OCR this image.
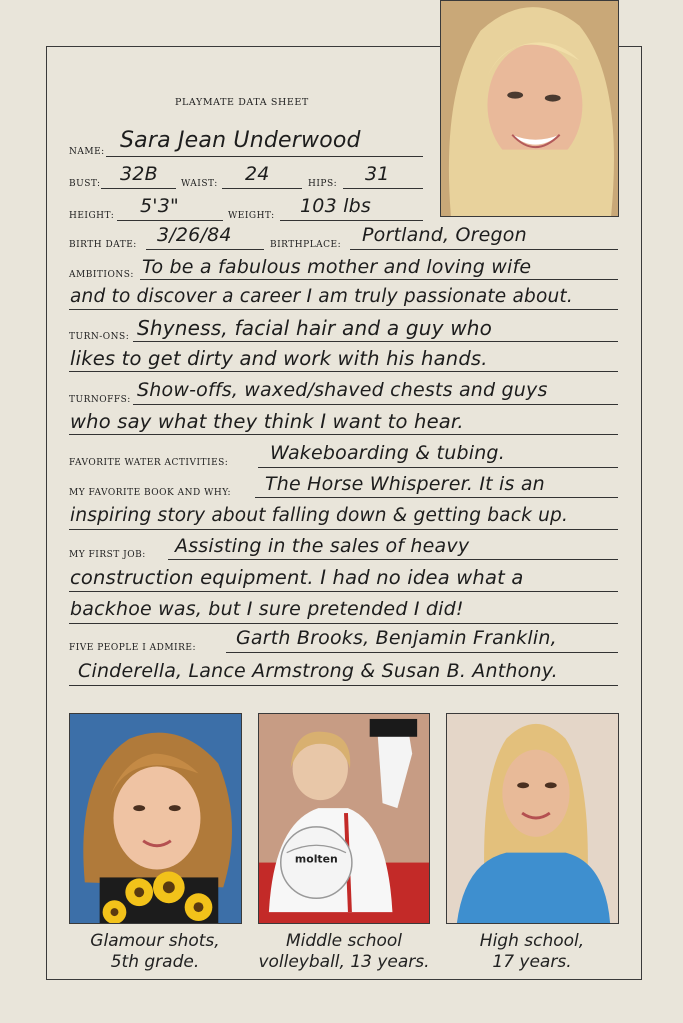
PLAYMATE DATA SHEET
NAME: Sara Jean Underwood
BUST: 32B	WAIST: 24	HIPS: 31
HEIGHT: 5'3"	WEIGHT: 103 lbs
BIRTH DATE: 3/26/84	BIRTHPLACE: Portland, Oregon
AMBITIONS: To be a fabulous mother and loving wife
and to discover a career I am truly passionate about.
TURN-ONS: Shyness, facial hair and a guy who
likes to get dirty and work with his hands.
TURNOFFS: Show-offs, waxed/shaved chests and guys
who say what they think I want to hear.
FAVORITE WATER ACTIVITIES: Wakeboarding & tubing.
MY FAVORITE BOOK AND WHY: The Horse Whisperer. It is an
inspiring story about falling down & getting back up.
MY FIRST JOB: Assisting in the sales of heavy
construction equipment. I had no idea what a
backhoe was, but I sure pretended I did!
FIVE PEOPLE I ADMIRE: Garth Brooks, Benjamin Franklin,
Cinderella, Lance Armstrong & Susan B. Anthony.
molten
Glamour shots,
5th grade.
Middle school
volleyball, 13 years.
High school,
17 years.
